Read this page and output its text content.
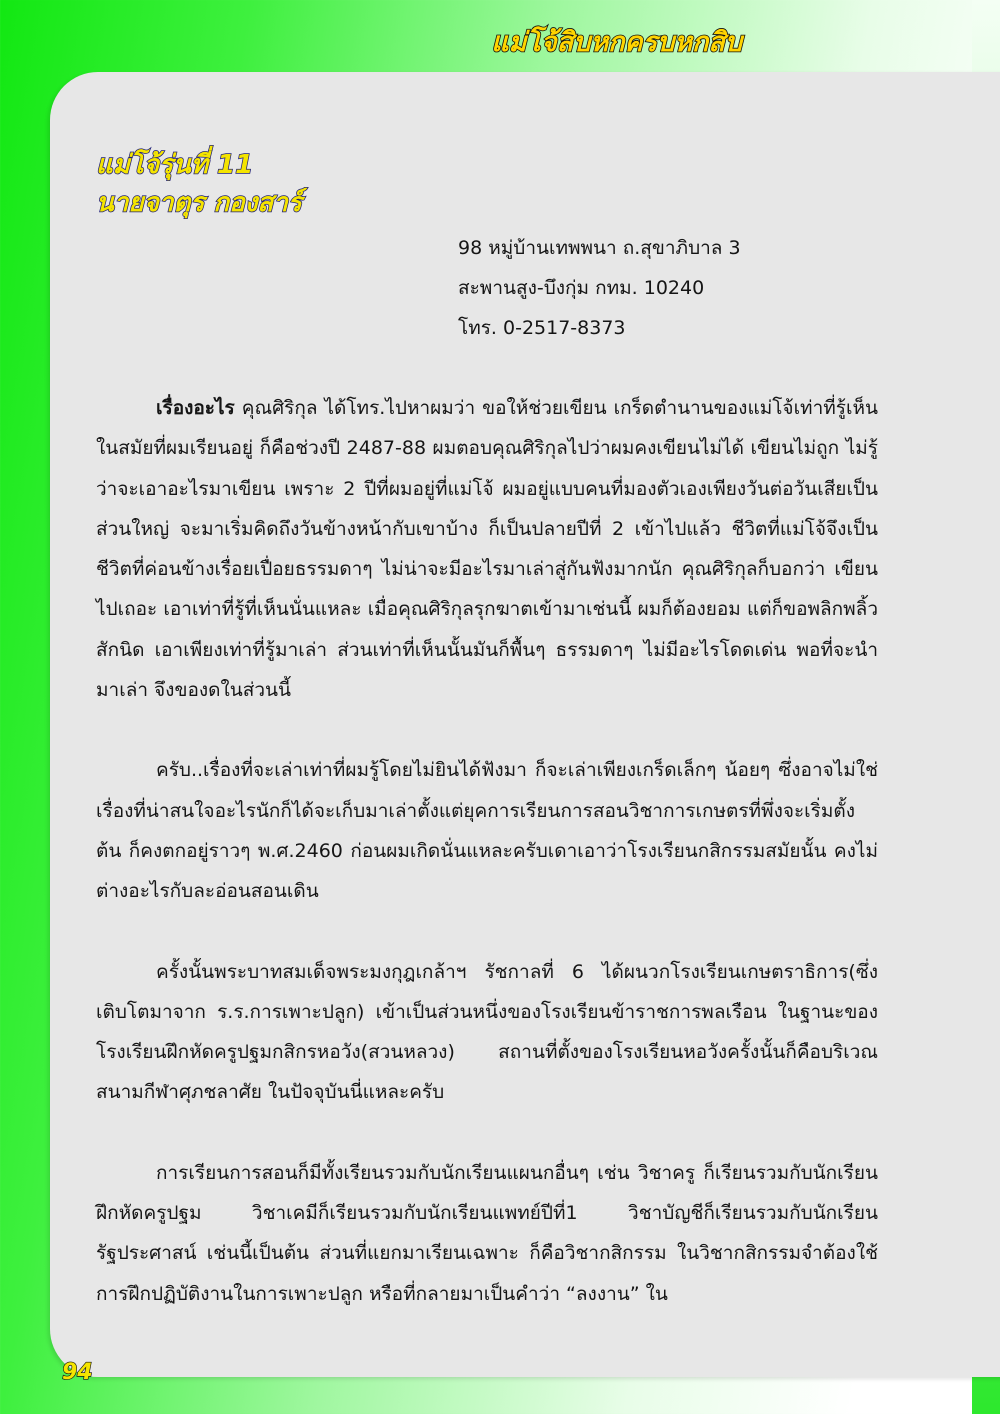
แม่โจ้สิบหกครบหกสิบ
แม่โจ้รุ่นที่ 11
นายจาตุร กองสาร์
98 หมู่บ้านเทพพนา ถ.สุขาภิบาล 3
สะพานสูง-บึงกุ่ม กทม. 10240
โทร. 0-2517-8373

เรื่องอะไร คุณศิริกุล ได้โทร.ไปหาผมว่า ขอให้ช่วยเขียน เกร็ดตำนานของแม่โจ้เท่าที่รู้เห็นในสมัยที่ผมเรียนอยู่ ก็คือช่วงปี 2487-88 ผมตอบคุณศิริกุลไปว่าผมคงเขียนไม่ได้ เขียนไม่ถูก ไม่รู้ว่าจะเอาอะไรมาเขียน เพราะ 2 ปีที่ผมอยู่ที่แม่โจ้ ผมอยู่แบบคนที่มองตัวเองเพียงวันต่อวันเสียเป็นส่วนใหญ่ จะมาเริ่มคิดถึงวันข้างหน้ากับเขาบ้าง ก็เป็นปลายปีที่ 2 เข้าไปแล้ว ชีวิตที่แม่โจ้จึงเป็นชีวิตที่ค่อนข้างเรื่อยเปื่อยธรรมดาๆ ไม่น่าจะมีอะไรมาเล่าสู่กันฟังมากนัก คุณศิริกุลก็บอกว่า เขียนไปเถอะ เอาเท่าที่รู้ที่เห็นนั่นแหละ เมื่อคุณศิริกุลรุกฆาตเข้ามาเช่นนี้ ผมก็ต้องยอม แต่ก็ขอพลิกพลิ้วสักนิด เอาเพียงเท่าที่รู้มาเล่า ส่วนเท่าที่เห็นนั้นมันก็พื้นๆ ธรรมดาๆ ไม่มีอะไรโดดเด่น พอที่จะนำมาเล่า จึงของดในส่วนนี้

ครับ..เรื่องที่จะเล่าเท่าที่ผมรู้โดยไม่ยินได้ฟังมา ก็จะเล่าเพียงเกร็ดเล็กๆ น้อยๆ ซึ่งอาจไม่ใช่เรื่องที่น่าสนใจอะไรนักก็ได้จะเก็บมาเล่าตั้งแต่ยุคการเรียนการสอนวิชาการเกษตรที่พึ่งจะเริ่มตั้งต้น ก็คงตกอยู่ราวๆ พ.ศ.2460 ก่อนผมเกิดนั่นแหละครับเดาเอาว่าโรงเรียนกสิกรรมสมัยนั้น คงไม่ต่างอะไรกับละอ่อนสอนเดิน

ครั้งนั้นพระบาทสมเด็จพระมงกุฎเกล้าฯ รัชกาลที่ 6 ได้ผนวกโรงเรียนเกษตราธิการ(ซึ่งเติบโตมาจาก ร.ร.การเพาะปลูก) เข้าเป็นส่วนหนึ่งของโรงเรียนข้าราชการพลเรือน ในฐานะของโรงเรียนฝึกหัดครูปฐมกสิกรหอวัง(สวนหลวง) สถานที่ตั้งของโรงเรียนหอวังครั้งนั้นก็คือบริเวณสนามกีฬาศุภชลาศัย ในปัจจุบันนี่แหละครับ

การเรียนการสอนก็มีทั้งเรียนรวมกับนักเรียนแผนกอื่นๆ เช่น วิชาครู ก็เรียนรวมกับนักเรียนฝึกหัดครูปฐม วิชาเคมีก็เรียนรวมกับนักเรียนแพทย์ปีที่1 วิชาบัญชีก็เรียนรวมกับนักเรียนรัฐประศาสน์ เช่นนี้เป็นต้น ส่วนที่แยกมาเรียนเฉพาะ ก็คือวิชากสิกรรม ในวิชากสิกรรมจำต้องใช้การฝึกปฏิบัติงานในการเพาะปลูก หรือที่กลายมาเป็นคำว่า “ลงงาน” ใน

94
